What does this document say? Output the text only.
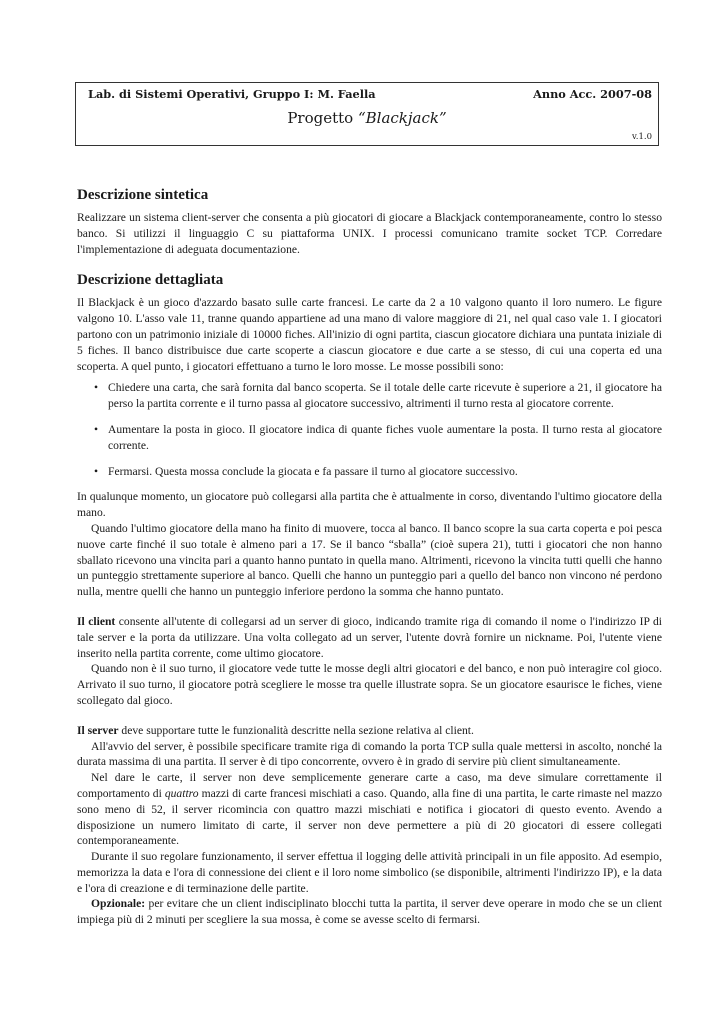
Lab. di Sistemi Operativi, Gruppo I: M. Faella	Anno Acc. 2007-08
Progetto “Blackjack”
v.1.0
Descrizione sintetica

Realizzare un sistema client-server che consenta a più giocatori di giocare a Blackjack contemporaneamente, contro lo stesso banco. Si utilizzi il linguaggio C su piattaforma UNIX. I processi comunicano tramite socket TCP. Corredare l'implementazione di adeguata documentazione.

Descrizione dettagliata

Il Blackjack è un gioco d'azzardo basato sulle carte francesi. Le carte da 2 a 10 valgono quanto il loro numero. Le figure valgono 10. L'asso vale 11, tranne quando appartiene ad una mano di valore maggiore di 21, nel qual caso vale 1. I giocatori partono con un patrimonio iniziale di 10000 fiches. All'inizio di ogni partita, ciascun giocatore dichiara una puntata iniziale di 5 fiches. Il banco distribuisce due carte scoperte a ciascun giocatore e due carte a se stesso, di cui una coperta ed una scoperta. A quel punto, i giocatori effettuano a turno le loro mosse. Le mosse possibili sono:

• Chiedere una carta, che sarà fornita dal banco scoperta. Se il totale delle carte ricevute è superiore a 21, il giocatore ha perso la partita corrente e il turno passa al giocatore successivo, altrimenti il turno resta al giocatore corrente.
• Aumentare la posta in gioco. Il giocatore indica di quante fiches vuole aumentare la posta. Il turno resta al giocatore corrente.
• Fermarsi. Questa mossa conclude la giocata e fa passare il turno al giocatore successivo.

In qualunque momento, un giocatore può collegarsi alla partita che è attualmente in corso, diventando l'ultimo giocatore della mano.

Quando l'ultimo giocatore della mano ha finito di muovere, tocca al banco. Il banco scopre la sua carta coperta e poi pesca nuove carte finché il suo totale è almeno pari a 17. Se il banco “sballa” (cioè supera 21), tutti i giocatori che non hanno sballato ricevono una vincita pari a quanto hanno puntato in quella mano. Altrimenti, ricevono la vincita tutti quelli che hanno un punteggio strettamente superiore al banco. Quelli che hanno un punteggio pari a quello del banco non vincono né perdono nulla, mentre quelli che hanno un punteggio inferiore perdono la somma che hanno puntato.

Il client consente all'utente di collegarsi ad un server di gioco, indicando tramite riga di comando il nome o l'indirizzo IP di tale server e la porta da utilizzare. Una volta collegato ad un server, l'utente dovrà fornire un nickname. Poi, l'utente viene inserito nella partita corrente, come ultimo giocatore.

Quando non è il suo turno, il giocatore vede tutte le mosse degli altri giocatori e del banco, e non può interagire col gioco. Arrivato il suo turno, il giocatore potrà scegliere le mosse tra quelle illustrate sopra. Se un giocatore esaurisce le fiches, viene scollegato dal gioco.

Il server deve supportare tutte le funzionalità descritte nella sezione relativa al client.

All'avvio del server, è possibile specificare tramite riga di comando la porta TCP sulla quale mettersi in ascolto, nonché la durata massima di una partita. Il server è di tipo concorrente, ovvero è in grado di servire più client simultaneamente.

Nel dare le carte, il server non deve semplicemente generare carte a caso, ma deve simulare correttamente il comportamento di quattro mazzi di carte francesi mischiati a caso. Quando, alla fine di una partita, le carte rimaste nel mazzo sono meno di 52, il server ricomincia con quattro mazzi mischiati e notifica i giocatori di questo evento. Avendo a disposizione un numero limitato di carte, il server non deve permettere a più di 20 giocatori di essere collegati contemporaneamente.

Durante il suo regolare funzionamento, il server effettua il logging delle attività principali in un file apposito. Ad esempio, memorizza la data e l'ora di connessione dei client e il loro nome simbolico (se disponibile, altrimenti l'indirizzo IP), e la data e l'ora di creazione e di terminazione delle partite.

Opzionale: per evitare che un client indisciplinato blocchi tutta la partita, il server deve operare in modo che se un client impiega più di 2 minuti per scegliere la sua mossa, è come se avesse scelto di fermarsi.
